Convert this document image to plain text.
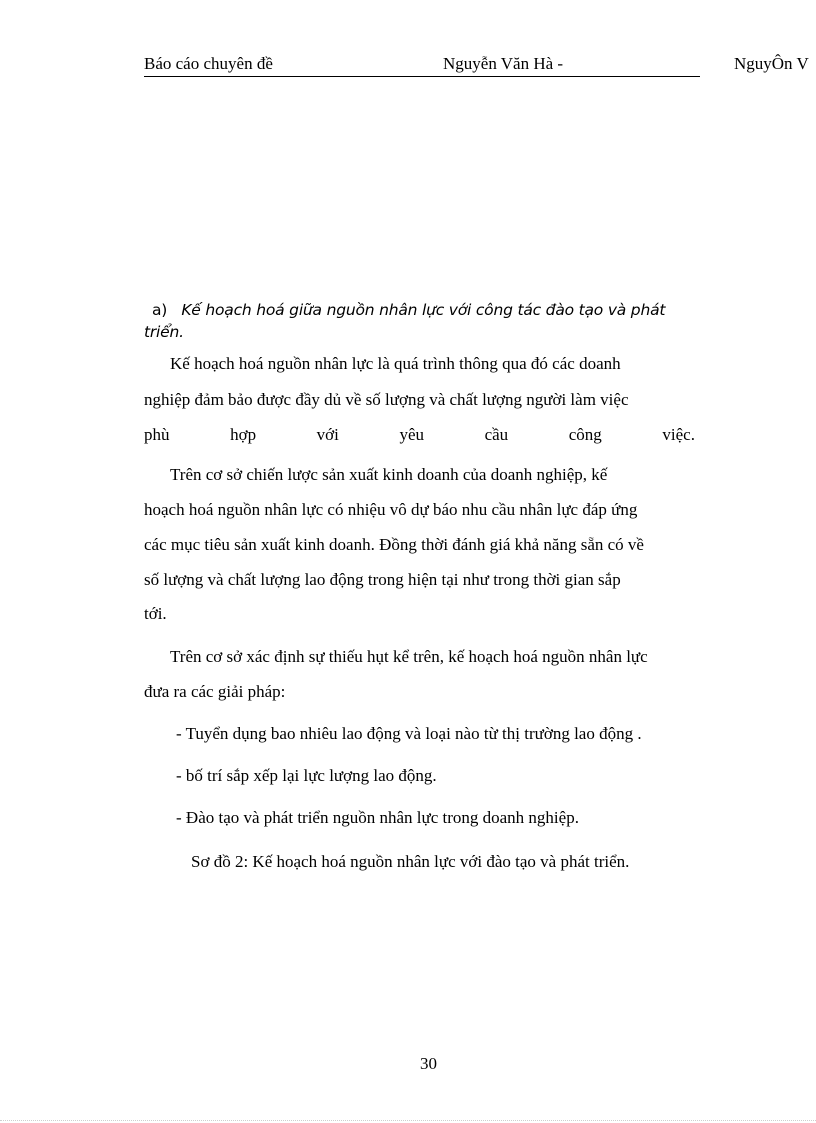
Báo cáo chuyên đề	Nguyễn Văn Hà -	NguyÔn V
a) Kế hoạch hoá giữa nguồn nhân lực với công tác đào tạo và phát
triển.
Kế hoạch hoá nguồn nhân lực là quá trình thông qua đó các doanh
nghiệp đảm bảo được đầy dủ về số lượng và chất lượng người làm việc
phù	hợp	với	yêu	cầu	công	việc.
Trên cơ sở chiến lược sản xuất kinh doanh của doanh nghiệp, kế
hoạch hoá nguồn nhân lực có nhiệu vô dự báo nhu cầu nhân lực đáp ứng
các mục tiêu sản xuất kinh doanh. Đồng thời đánh giá khả năng sẵn có về
số lượng và chất lượng lao động trong hiện tại như trong thời gian sắp
tới.
Trên cơ sở xác định sự thiếu hụt kể trên, kế hoạch hoá nguồn nhân lực
đưa ra các giải pháp:
- Tuyển dụng bao nhiêu lao động và loại nào từ thị trường lao động .
- bố trí sắp xếp lại lực lượng lao động.
- Đào tạo và phát triển nguồn nhân lực trong doanh nghiệp.
Sơ đồ 2: Kế hoạch hoá nguồn nhân lực với đào tạo và phát triển.
30
